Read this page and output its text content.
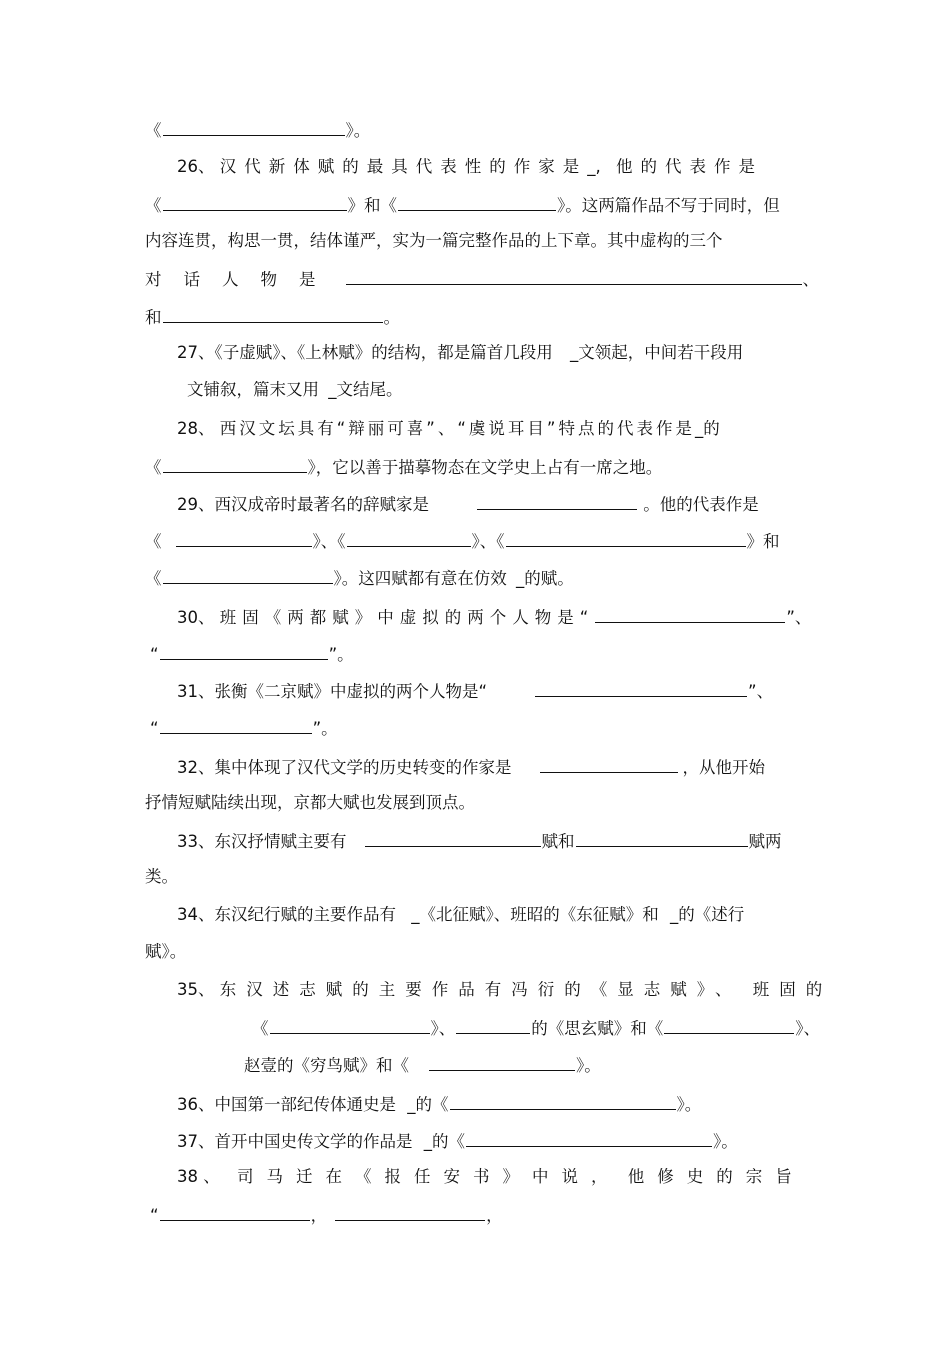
《	》。
26、 汉代新体赋的最具代表性的作家是_, 他的代表作是
《	》和《	》。这两篇作品不写于同时，但
内容连贯，构思一贯，结体谨严，实为一篇完整作品的上下章。其中虚构的三个
对话人物是	、
和	。
27、《子虚赋》、《上林赋》的结构，都是篇首几段用 _文领起，中间若干段用
文铺叙，篇末又用 _文结尾。
28、 西汉文坛具有“辩丽可喜”、“虞说耳目”特点的代表作是_的
《	》，它以善于描摹物态在文学史上占有一席之地。
29、西汉成帝时最著名的辞赋家是	。他的代表作是
《	》、《	》、《	》和
《	》。这四赋都有意在仿效 _的赋。
30、 班固《两都赋》中虚拟的两个人物是“	”、
“	”。
31、张衡《二京赋》中虚拟的两个人物是“	”、
“	”。
32、集中体现了汉代文学的历史转变的作家是	，从他开始
抒情短赋陆续出现，京都大赋也发展到顶点。
33、东汉抒情赋主要有	赋和	赋两
类。
34、东汉纪行赋的主要作品有 _《北征赋》、班昭的《东征赋》和 _的《述行
赋》。
35、 东汉述志赋的主要作品有冯衍的《显志赋》、 班固的
《	》、	的《思玄赋》和《	》、
赵壹的《穷鸟赋》和《	》。
36、中国第一部纪传体通史是 _的《	》。
37、首开中国史传文学的作品是 _的《	》。
38 、 司马迁在《报任安书》中说， 他修史的宗旨
“	，	，
